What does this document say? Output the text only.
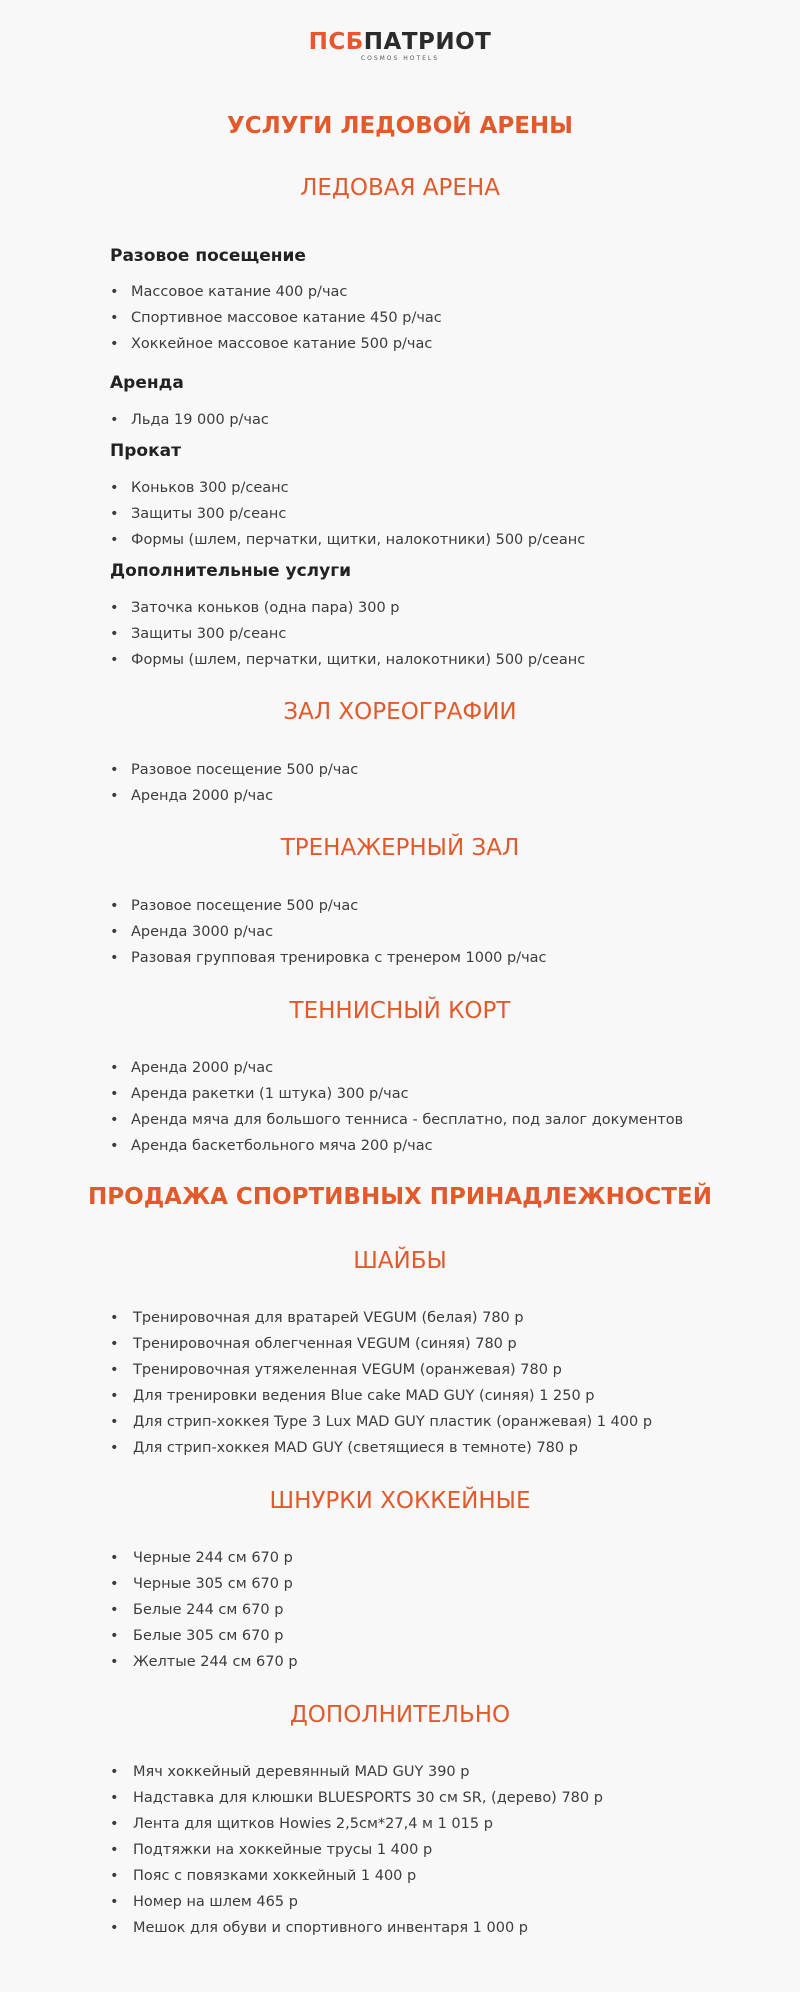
ПСБПАТРИОТ
COSMOS HOTELS
УСЛУГИ ЛЕДОВОЙ АРЕНЫ
ЛЕДОВАЯ АРЕНА
Разовое посещение
• Массовое катание 400 р/час
• Спортивное массовое катание 450 р/час
• Хоккейное массовое катание 500 р/час
Аренда
• Льда 19 000 р/час
Прокат
• Коньков 300 р/сеанс
• Защиты 300 р/сеанс
• Формы (шлем, перчатки, щитки, налокотники) 500 р/сеанс
Дополнительные услуги
• Заточка коньков (одна пара) 300 р
• Защиты 300 р/сеанс
• Формы (шлем, перчатки, щитки, налокотники) 500 р/сеанс
ЗАЛ ХОРЕОГРАФИИ
• Разовое посещение 500 р/час
• Аренда 2000 р/час
ТРЕНАЖЕРНЫЙ ЗАЛ
• Разовое посещение 500 р/час
• Аренда 3000 р/час
• Разовая групповая тренировка с тренером 1000 р/час
ТЕННИСНЫЙ КОРТ
• Аренда 2000 р/час
• Аренда ракетки (1 штука) 300 р/час
• Аренда мяча для большого тенниса - бесплатно, под залог документов
• Аренда баскетбольного мяча 200 р/час
ПРОДАЖА СПОРТИВНЫХ ПРИНАДЛЕЖНОСТЕЙ
ШАЙБЫ
• Тренировочная для вратарей VEGUM (белая) 780 р
• Тренировочная облегченная VEGUM (синяя) 780 р
• Тренировочная утяжеленная VEGUM (оранжевая) 780 р
• Для тренировки ведения Blue cake MAD GUY (синяя) 1 250 р
• Для стрип-хоккея Type 3 Lux MAD GUY пластик (оранжевая) 1 400 р
• Для стрип-хоккея MAD GUY (светящиеся в темноте) 780 р
ШНУРКИ ХОККЕЙНЫЕ
• Черные 244 см 670 р
• Черные 305 см 670 р
• Белые 244 см 670 р
• Белые 305 см 670 р
• Желтые 244 см 670 р
ДОПОЛНИТЕЛЬНО
• Мяч хоккейный деревянный MAD GUY 390 р
• Надставка для клюшки BLUESPORTS 30 см SR, (дерево) 780 р
• Лента для щитков Howies 2,5см*27,4 м 1 015 р
• Подтяжки на хоккейные трусы 1 400 р
• Пояс с повязками хоккейный 1 400 р
• Номер на шлем 465 р
• Мешок для обуви и спортивного инвентаря 1 000 р
